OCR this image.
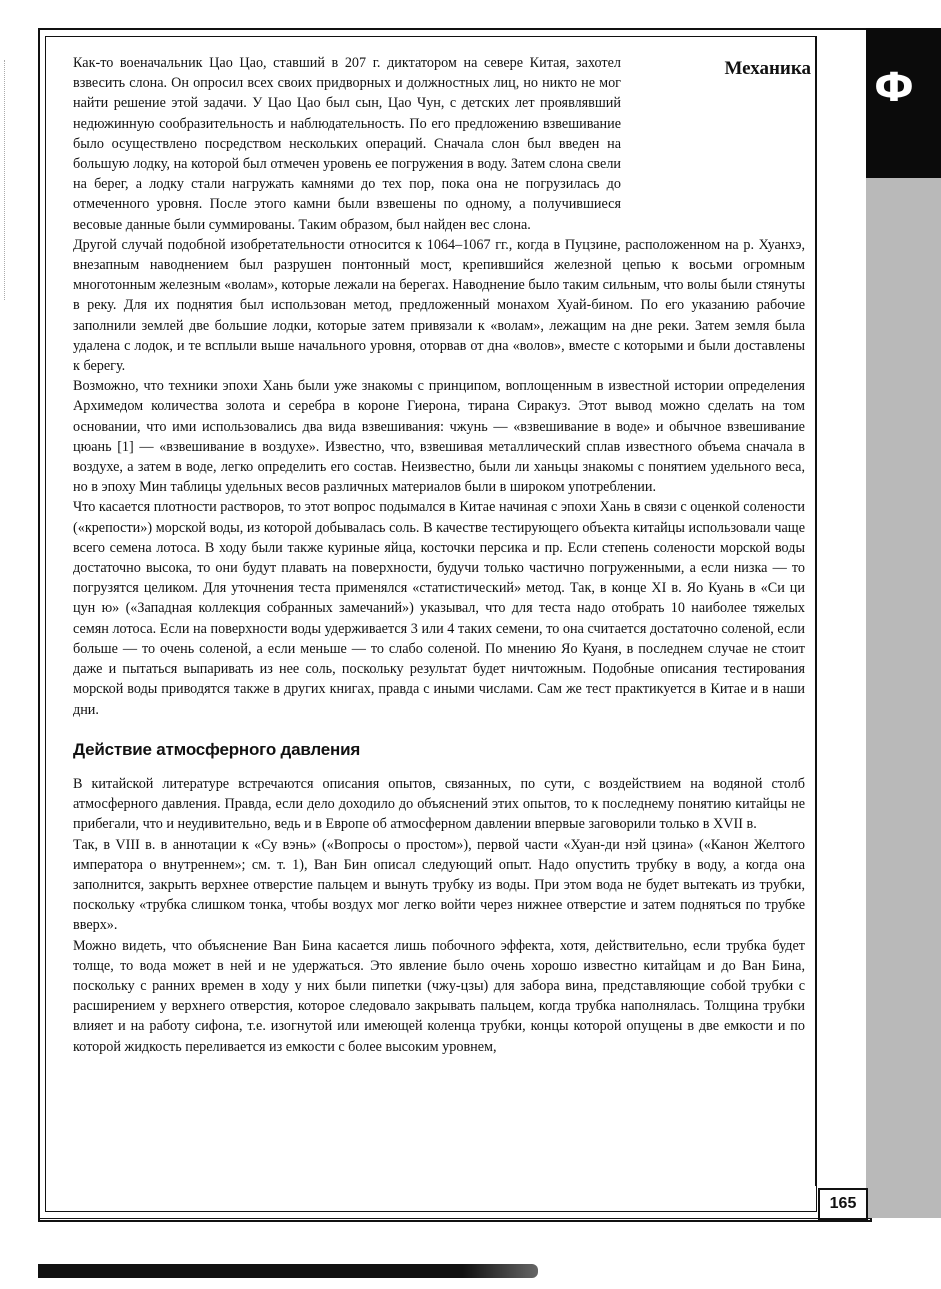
Ф
Механика

Как-то военачальник Цао Цао, ставший в 207 г. диктатором на севере Китая, захотел взвесить слона. Он опросил всех своих придворных и должностных лиц, но никто не мог найти решение этой задачи. У Цао Цао был сын, Цао Чун, с детских лет проявлявший недюжинную сообразительность и наблюдательность. По его предложению взвешивание было осуществлено посредством нескольких операций. Сначала слон был введен на большую лодку, на которой был отмечен уровень ее погружения в воду. Затем слона свели на берег, а лодку стали нагружать камнями до тех пор, пока она не погрузилась до отмеченного уровня. После этого камни были взвешены по одному, а получившиеся весовые данные были суммированы. Таким образом, был найден вес слона.

Другой случай подобной изобретательности относится к 1064–1067 гг., когда в Пуцзине, расположенном на р. Хуанхэ, внезапным наводнением был разрушен понтонный мост, крепившийся железной цепью к восьми огромным многотонным железным «волам», которые лежали на берегах. Наводнение было таким сильным, что волы были стянуты в реку. Для их поднятия был использован метод, предложенный монахом Хуай-бином. По его указанию рабочие заполнили землей две большие лодки, которые затем привязали к «волам», лежащим на дне реки. Затем земля была удалена с лодок, и те всплыли выше начального уровня, оторвав от дна «волов», вместе с которыми и были доставлены к берегу.

Возможно, что техники эпохи Хань были уже знакомы с принципом, воплощенным в известной истории определения Архимедом количества золота и серебра в короне Гиерона, тирана Сиракуз. Этот вывод можно сделать на том основании, что ими использовались два вида взвешивания: чжунь — «взвешивание в воде» и обычное взвешивание цюань [1] — «взвешивание в воздухе». Известно, что, взвешивая металлический сплав известного объема сначала в воздухе, а затем в воде, легко определить его состав. Неизвестно, были ли ханьцы знакомы с понятием удельного веса, но в эпоху Мин таблицы удельных весов различных материалов были в широком употреблении.

Что касается плотности растворов, то этот вопрос подымался в Китае начиная с эпохи Хань в связи с оценкой солености («крепости») морской воды, из которой добывалась соль. В качестве тестирующего объекта китайцы использовали чаще всего семена лотоса. В ходу были также куриные яйца, косточки персика и пр. Если степень солености морской воды достаточно высока, то они будут плавать на поверхности, будучи только частично погруженными, а если низка — то погрузятся целиком. Для уточнения теста применялся «статистический» метод. Так, в конце XI в. Яо Куань в «Си ци цун ю» («Западная коллекция собранных замечаний») указывал, что для теста надо отобрать 10 наиболее тяжелых семян лотоса. Если на поверхности воды удерживается 3 или 4 таких семени, то она считается достаточно соленой, если больше — то очень соленой, а если меньше — то слабо соленой. По мнению Яо Куаня, в последнем случае не стоит даже и пытаться выпаривать из нее соль, поскольку результат будет ничтожным. Подобные описания тестирования морской воды приводятся также в других книгах, правда с иными числами. Сам же тест практикуется в Китае и в наши дни.

Действие атмосферного давления

В китайской литературе встречаются описания опытов, связанных, по сути, с воздействием на водяной столб атмосферного давления. Правда, если дело доходило до объяснений этих опытов, то к последнему понятию китайцы не прибегали, что и неудивительно, ведь и в Европе об атмосферном давлении впервые заговорили только в XVII в.

Так, в VIII в. в аннотации к «Су вэнь» («Вопросы о простом»), первой части «Хуан-ди нэй цзина» («Канон Желтого императора о внутреннем»; см. т. 1), Ван Бин описал следующий опыт. Надо опустить трубку в воду, а когда она заполнится, закрыть верхнее отверстие пальцем и вынуть трубку из воды. При этом вода не будет вытекать из трубки, поскольку «трубка слишком тонка, чтобы воздух мог легко войти через нижнее отверстие и затем подняться по трубке вверх».

Можно видеть, что объяснение Ван Бина касается лишь побочного эффекта, хотя, действительно, если трубка будет толще, то вода может в ней и не удержаться. Это явление было очень хорошо известно китайцам и до Ван Бина, поскольку с ранних времен в ходу у них были пипетки (чжу-цзы) для забора вина, представляющие собой трубки с расширением у верхнего отверстия, которое следовало закрывать пальцем, когда трубка наполнялась. Толщина трубки влияет и на работу сифона, т.е. изогнутой или имеющей коленца трубки, концы которой опущены в две емкости и по которой жидкость переливается из емкости с более высоким уровнем,

165
